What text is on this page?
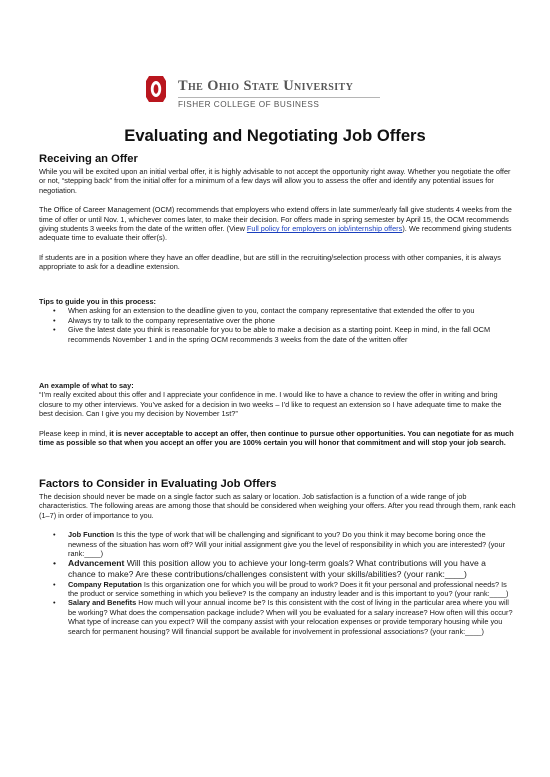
The Ohio State University
FISHER COLLEGE OF BUSINESS
Evaluating and Negotiating Job Offers
Receiving an Offer

While you will be excited upon an initial verbal offer, it is highly advisable to not accept the opportunity right away. Whether you negotiate the offer or not, “stepping back” from the initial offer for a minimum of a few days will allow you to assess the offer and identify any potential issues for negotiation.

The Office of Career Management (OCM) recommends that employers who extend offers in late summer/early fall give students 4 weeks from the time of offer or until Nov. 1, whichever comes later, to make their decision. For offers made in spring semester by April 15, the OCM recommends giving students 3 weeks from the date of the written offer. (View Full policy for employers on job/internship offers). We recommend giving students adequate time to evaluate their offer(s).

If students are in a position where they have an offer deadline, but are still in the recruiting/selection process with other companies, it is always appropriate to ask for a deadline extension.

Tips to guide you in this process:

• When asking for an extension to the deadline given to you, contact the company representative that extended the offer to you
• Always try to talk to the company representative over the phone
• Give the latest date you think is reasonable for you to be able to make a decision as a starting point. Keep in mind, in the fall OCM recommends November 1 and in the spring OCM recommends 3 weeks from the date of the written offer

An example of what to say:

“I’m really excited about this offer and I appreciate your confidence in me. I would like to have a chance to review the offer in writing and bring closure to my other interviews. You’ve asked for a decision in two weeks – I’d like to request an extension so I have adequate time to make the best decision. Can I give you my decision by November 1st?”

Please keep in mind, it is never acceptable to accept an offer, then continue to pursue other opportunities. You can negotiate for as much time as possible so that when you accept an offer you are 100% certain you will honor that commitment and will stop your job search.

Factors to Consider in Evaluating Job Offers

The decision should never be made on a single factor such as salary or location. Job satisfaction is a function of a wide range of job characteristics. The following areas are among those that should be considered when weighing your offers. After you read through them, rank each (1–7) in order of importance to you.

• Job Function Is this the type of work that will be challenging and significant to you? Do you think it may become boring once the newness of the situation has worn off? Will your initial assignment give you the level of responsibility in which you are interested? (your rank:____)
• Advancement Will this position allow you to achieve your long-term goals? What contributions will you have a chance to make? Are these contributions/challenges consistent with your skills/abilities? (your rank:____)
• Company Reputation Is this organization one for which you will be proud to work? Does it fit your personal and professional needs? Is the product or service something in which you believe? Is the company an industry leader and is this important to you? (your rank:____)
• Salary and Benefits How much will your annual income be? Is this consistent with the cost of living in the particular area where you will be working? What does the compensation package include? When will you be evaluated for a salary increase? How often will this occur? What type of increase can you expect? Will the company assist with your relocation expenses or provide temporary housing while you search for permanent housing? Will financial support be available for involvement in professional associations? (your rank:____)
